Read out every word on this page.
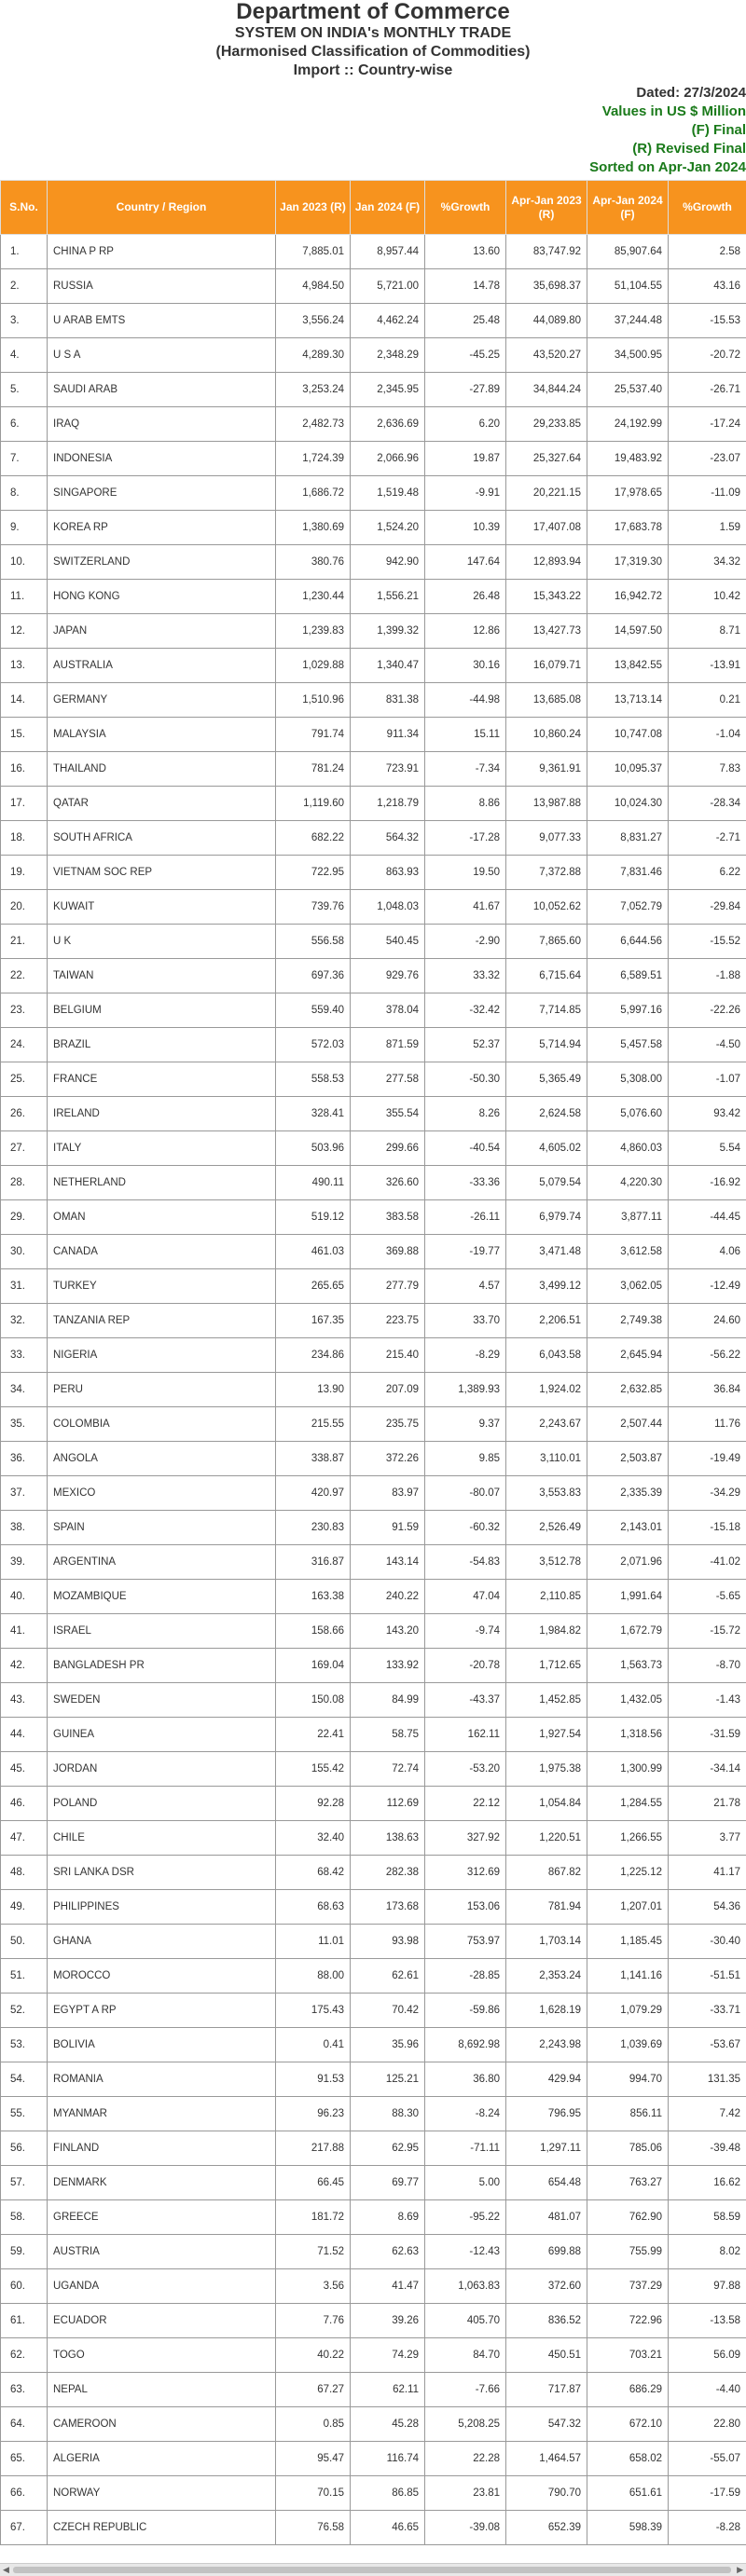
Department of Commerce
SYSTEM ON INDIA's MONTHLY TRADE
(Harmonised Classification of Commodities)
Import :: Country-wise
Dated: 27/3/2024
Values in US $ Million
(F) Final
(R) Revised Final
Sorted on Apr-Jan 2024
S.No.	Country / Region	Jan 2023 (R)	Jan 2024 (F)	%Growth	Apr-Jan 2023 (R)	Apr-Jan 2024 (F)	%Growth
1.	CHINA P RP	7,885.01	8,957.44	13.60	83,747.92	85,907.64	2.58
2.	RUSSIA	4,984.50	5,721.00	14.78	35,698.37	51,104.55	43.16
3.	U ARAB EMTS	3,556.24	4,462.24	25.48	44,089.80	37,244.48	-15.53
4.	U S A	4,289.30	2,348.29	-45.25	43,520.27	34,500.95	-20.72
5.	SAUDI ARAB	3,253.24	2,345.95	-27.89	34,844.24	25,537.40	-26.71
6.	IRAQ	2,482.73	2,636.69	6.20	29,233.85	24,192.99	-17.24
7.	INDONESIA	1,724.39	2,066.96	19.87	25,327.64	19,483.92	-23.07
8.	SINGAPORE	1,686.72	1,519.48	-9.91	20,221.15	17,978.65	-11.09
9.	KOREA RP	1,380.69	1,524.20	10.39	17,407.08	17,683.78	1.59
10.	SWITZERLAND	380.76	942.90	147.64	12,893.94	17,319.30	34.32
11.	HONG KONG	1,230.44	1,556.21	26.48	15,343.22	16,942.72	10.42
12.	JAPAN	1,239.83	1,399.32	12.86	13,427.73	14,597.50	8.71
13.	AUSTRALIA	1,029.88	1,340.47	30.16	16,079.71	13,842.55	-13.91
14.	GERMANY	1,510.96	831.38	-44.98	13,685.08	13,713.14	0.21
15.	MALAYSIA	791.74	911.34	15.11	10,860.24	10,747.08	-1.04
16.	THAILAND	781.24	723.91	-7.34	9,361.91	10,095.37	7.83
17.	QATAR	1,119.60	1,218.79	8.86	13,987.88	10,024.30	-28.34
18.	SOUTH AFRICA	682.22	564.32	-17.28	9,077.33	8,831.27	-2.71
19.	VIETNAM SOC REP	722.95	863.93	19.50	7,372.88	7,831.46	6.22
20.	KUWAIT	739.76	1,048.03	41.67	10,052.62	7,052.79	-29.84
21.	U K	556.58	540.45	-2.90	7,865.60	6,644.56	-15.52
22.	TAIWAN	697.36	929.76	33.32	6,715.64	6,589.51	-1.88
23.	BELGIUM	559.40	378.04	-32.42	7,714.85	5,997.16	-22.26
24.	BRAZIL	572.03	871.59	52.37	5,714.94	5,457.58	-4.50
25.	FRANCE	558.53	277.58	-50.30	5,365.49	5,308.00	-1.07
26.	IRELAND	328.41	355.54	8.26	2,624.58	5,076.60	93.42
27.	ITALY	503.96	299.66	-40.54	4,605.02	4,860.03	5.54
28.	NETHERLAND	490.11	326.60	-33.36	5,079.54	4,220.30	-16.92
29.	OMAN	519.12	383.58	-26.11	6,979.74	3,877.11	-44.45
30.	CANADA	461.03	369.88	-19.77	3,471.48	3,612.58	4.06
31.	TURKEY	265.65	277.79	4.57	3,499.12	3,062.05	-12.49
32.	TANZANIA REP	167.35	223.75	33.70	2,206.51	2,749.38	24.60
33.	NIGERIA	234.86	215.40	-8.29	6,043.58	2,645.94	-56.22
34.	PERU	13.90	207.09	1,389.93	1,924.02	2,632.85	36.84
35.	COLOMBIA	215.55	235.75	9.37	2,243.67	2,507.44	11.76
36.	ANGOLA	338.87	372.26	9.85	3,110.01	2,503.87	-19.49
37.	MEXICO	420.97	83.97	-80.07	3,553.83	2,335.39	-34.29
38.	SPAIN	230.83	91.59	-60.32	2,526.49	2,143.01	-15.18
39.	ARGENTINA	316.87	143.14	-54.83	3,512.78	2,071.96	-41.02
40.	MOZAMBIQUE	163.38	240.22	47.04	2,110.85	1,991.64	-5.65
41.	ISRAEL	158.66	143.20	-9.74	1,984.82	1,672.79	-15.72
42.	BANGLADESH PR	169.04	133.92	-20.78	1,712.65	1,563.73	-8.70
43.	SWEDEN	150.08	84.99	-43.37	1,452.85	1,432.05	-1.43
44.	GUINEA	22.41	58.75	162.11	1,927.54	1,318.56	-31.59
45.	JORDAN	155.42	72.74	-53.20	1,975.38	1,300.99	-34.14
46.	POLAND	92.28	112.69	22.12	1,054.84	1,284.55	21.78
47.	CHILE	32.40	138.63	327.92	1,220.51	1,266.55	3.77
48.	SRI LANKA DSR	68.42	282.38	312.69	867.82	1,225.12	41.17
49.	PHILIPPINES	68.63	173.68	153.06	781.94	1,207.01	54.36
50.	GHANA	11.01	93.98	753.97	1,703.14	1,185.45	-30.40
51.	MOROCCO	88.00	62.61	-28.85	2,353.24	1,141.16	-51.51
52.	EGYPT A RP	175.43	70.42	-59.86	1,628.19	1,079.29	-33.71
53.	BOLIVIA	0.41	35.96	8,692.98	2,243.98	1,039.69	-53.67
54.	ROMANIA	91.53	125.21	36.80	429.94	994.70	131.35
55.	MYANMAR	96.23	88.30	-8.24	796.95	856.11	7.42
56.	FINLAND	217.88	62.95	-71.11	1,297.11	785.06	-39.48
57.	DENMARK	66.45	69.77	5.00	654.48	763.27	16.62
58.	GREECE	181.72	8.69	-95.22	481.07	762.90	58.59
59.	AUSTRIA	71.52	62.63	-12.43	699.88	755.99	8.02
60.	UGANDA	3.56	41.47	1,063.83	372.60	737.29	97.88
61.	ECUADOR	7.76	39.26	405.70	836.52	722.96	-13.58
62.	TOGO	40.22	74.29	84.70	450.51	703.21	56.09
63.	NEPAL	67.27	62.11	-7.66	717.87	686.29	-4.40
64.	CAMEROON	0.85	45.28	5,208.25	547.32	672.10	22.80
65.	ALGERIA	95.47	116.74	22.28	1,464.57	658.02	-55.07
66.	NORWAY	70.15	86.85	23.81	790.70	651.61	-17.59
67.	CZECH REPUBLIC	76.58	46.65	-39.08	652.39	598.39	-8.28
◀	▶
